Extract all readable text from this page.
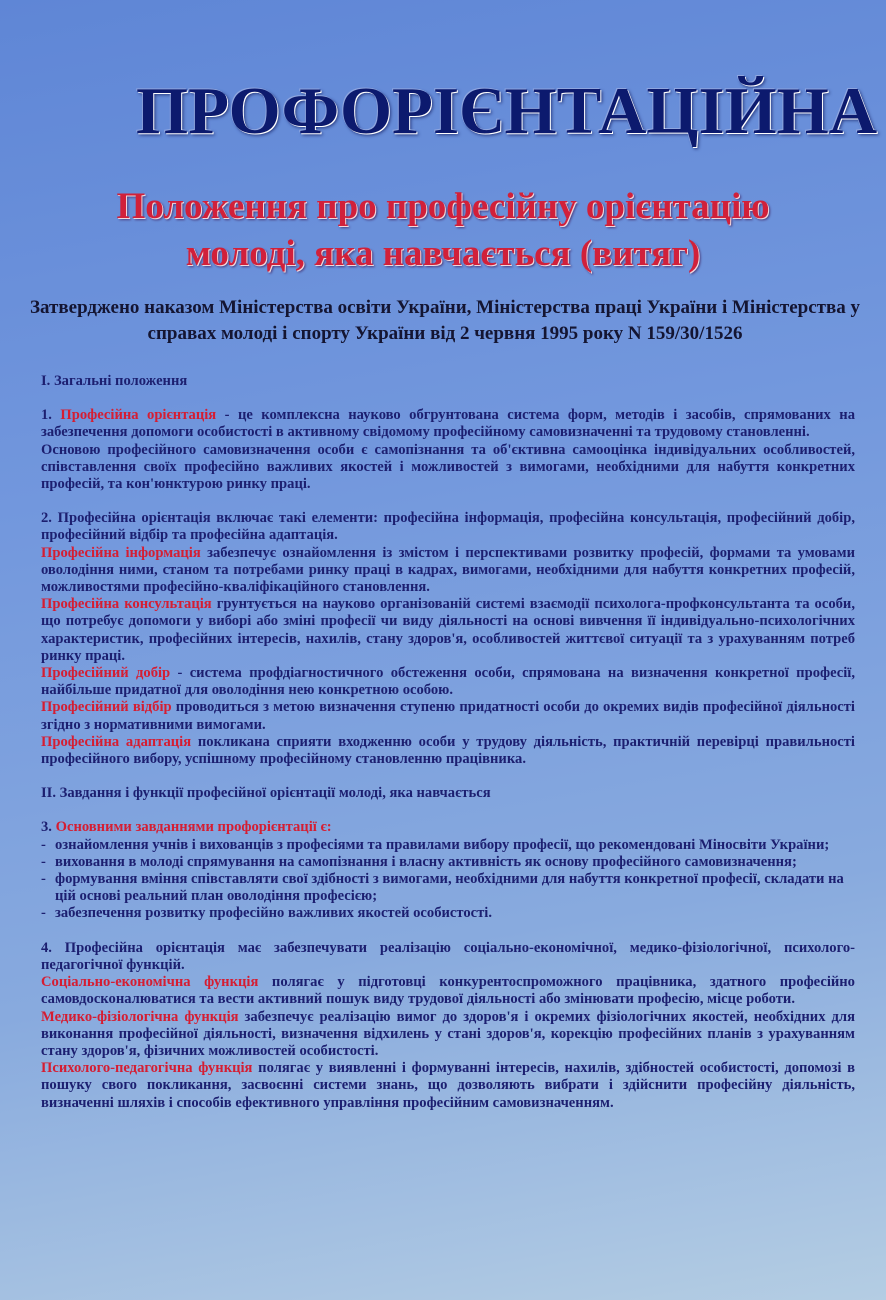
ПРОФОРІЄНТАЦІЙНА
Положення про професійну орієнтацію
молоді, яка навчається (витяг)

Затверджено наказом Міністерства освіти України, Міністерства праці України і Міністерства у справах молоді і спорту України від 2 червня 1995 року N 159/30/1526

І. Загальні положення

1. Професійна орієнтація - це комплексна науково обгрунтована система форм, методів і засобів, спрямованих на забезпечення допомоги особистості в активному свідомому професійному самовизначенні та трудовому становленні.

Основою професійного самовизначення особи є самопізнання та об'єктивна самооцінка індивідуальних особливостей, співставлення своїх професійно важливих якостей і можливостей з вимогами, необхідними для набуття конкретних професій, та кон'юнктурою ринку праці.

2. Професійна орієнтація включає такі елементи: професійна інформація, професійна консультація, професійний добір, професійний відбір та професійна адаптація.

Професійна інформація забезпечує ознайомлення із змістом і перспективами розвитку професій, формами та умовами оволодіння ними, станом та потребами ринку праці в кадрах, вимогами, необхідними для набуття конкретних професій, можливостями професійно-кваліфікаційного становлення.

Професійна консультація грунтується на науково організованій системі взаємодії психолога-профконсультанта та особи, що потребує допомоги у виборі або зміні професії чи виду діяльності на основі вивчення її індивідуально-психологічних характеристик, професійних інтересів, нахилів, стану здоров'я, особливостей життєвої ситуації та з урахуванням потреб ринку праці.

Професійний добір - система профдіагностичного обстеження особи, спрямована на визначення конкретної професії, найбільше придатної для оволодіння нею конкретною особою.

Професійний відбір проводиться з метою визначення ступеню придатності особи до окремих видів професійної діяльності згідно з нормативними вимогами.

Професійна адаптація покликана сприяти входженню особи у трудову діяльність, практичній перевірці правильності професійного вибору, успішному професійному становленню працівника.

ІІ. Завдання і функції професійної орієнтації молоді, яка навчається

3. Основними завданнями профорієнтації є:

- ознайомлення учнів і вихованців з професіями та правилами вибору професії, що рекомендовані Міносвіти України;
- виховання в молоді спрямування на самопізнання і власну активність як основу професійного самовизначення;
- формування вміння співставляти свої здібності з вимогами, необхідними для набуття конкретної професії, складати на цій основі реальний план оволодіння професією;
- забезпечення розвитку професійно важливих якостей особистості.

4. Професійна орієнтація має забезпечувати реалізацію соціально-економічної, медико-фізіологічної, психолого-педагогічної функцій.

Соціально-економічна функція полягає у підготовці конкурентоспроможного працівника, здатного професійно самовдосконалюватися та вести активний пошук виду трудової діяльності або змінювати професію, місце роботи.

Медико-фізіологічна функція забезпечує реалізацію вимог до здоров'я і окремих фізіологічних якостей, необхідних для виконання професійної діяльності, визначення відхилень у стані здоров'я, корекцію професійних планів з урахуванням стану здоров'я, фізичних можливостей особистості.

Психолого-педагогічна функція полягає у виявленні і формуванні інтересів, нахилів, здібностей особистості, допомозі в пошуку свого покликання, засвоєнні системи знань, що дозволяють вибрати і здійснити професійну діяльність, визначенні шляхів і способів ефективного управління професійним самовизначенням.
